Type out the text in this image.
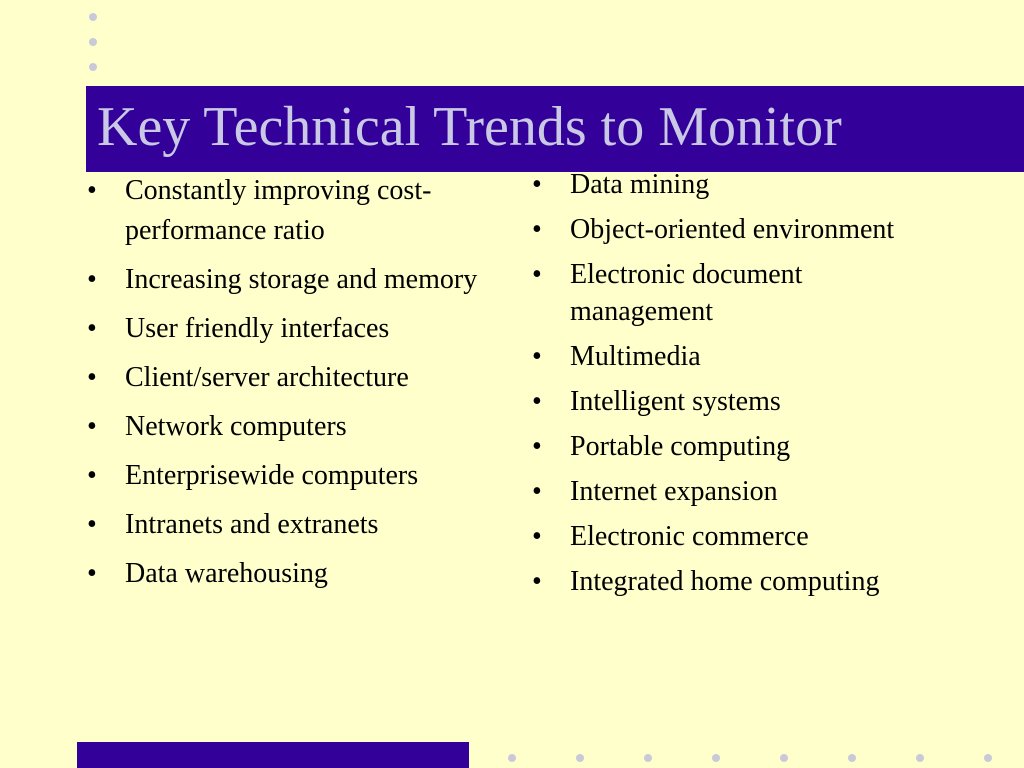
Key Technical Trends to Monitor
• Constantly improving cost-performance ratio
• Increasing storage and memory
• User friendly interfaces
• Client/server architecture
• Network computers
• Enterprisewide computers
• Intranets and extranets
• Data warehousing
• Data mining
• Object-oriented environment
• Electronic document management
• Multimedia
• Intelligent systems
• Portable computing
• Internet expansion
• Electronic commerce
• Integrated home computing
